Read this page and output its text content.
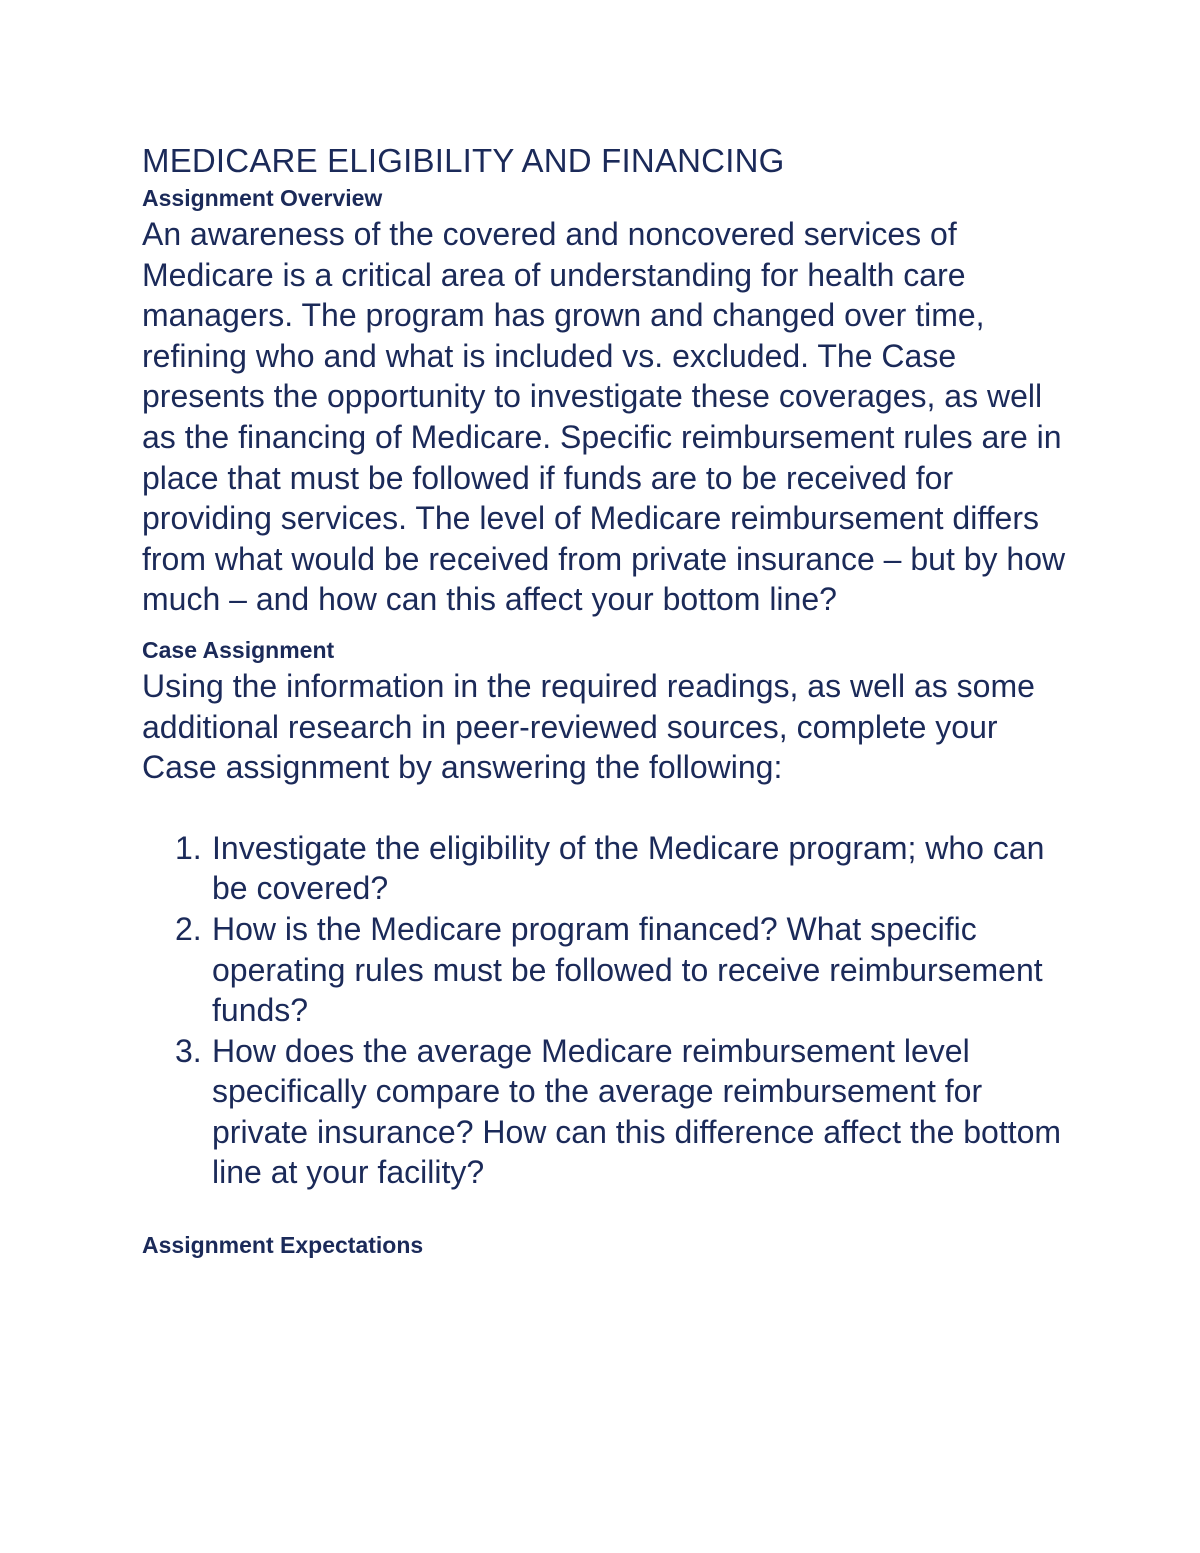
MEDICARE ELIGIBILITY AND FINANCING
Assignment Overview

An awareness of the covered and noncovered services of Medicare is a critical area of understanding for health care managers. The program has grown and changed over time, refining who and what is included vs. excluded. The Case presents the opportunity to investigate these coverages, as well as the financing of Medicare. Specific reimbursement rules are in place that must be followed if funds are to be received for providing services. The level of Medicare reimbursement differs from what would be received from private insurance – but by how much – and how can this affect your bottom line?

Case Assignment

Using the information in the required readings, as well as some additional research in peer-reviewed sources, complete your Case assignment by answering the following:

1. Investigate the eligibility of the Medicare program; who can be covered?
2. How is the Medicare program financed? What specific operating rules must be followed to receive reimbursement funds?
3. How does the average Medicare reimbursement level specifically compare to the average reimbursement for private insurance? How can this difference affect the bottom line at your facility?
Assignment Expectations
